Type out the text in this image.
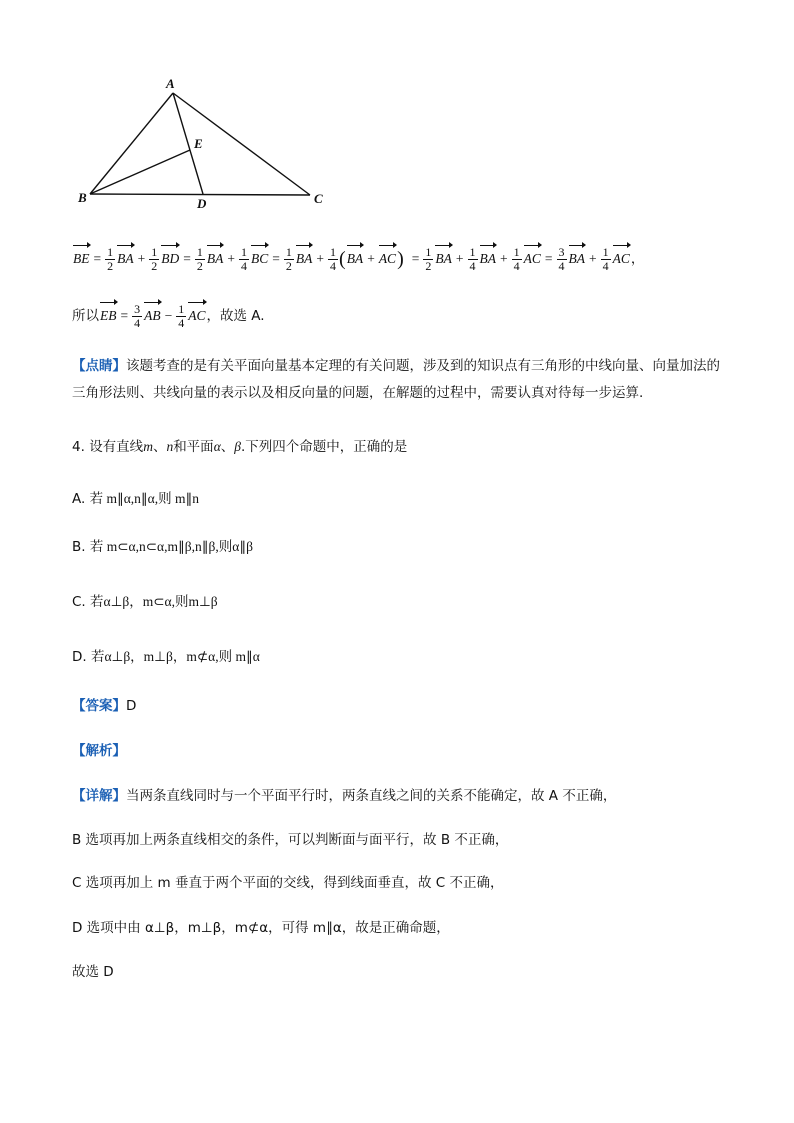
A
B	C
D
E
BE = $\frac{1}{2}$ BA + $\frac{1}{2}$ BD = $\frac{1}{2}$ BA + $\frac{1}{4}$ BC = $\frac{1}{2}$ BA + $\frac{1}{4} (BA + AC) = \frac{1}{2}$ BA + $\frac{1}{4}$ BA + $\frac{1}{4}$ AC = $\frac{3}{4}$ BA + $\frac{1}{4}$ AC，
所以EB = $\frac{3}{4}$ AB − $\frac{1}{4}$ AC，故选 A.
【点睛】该题考查的是有关平面向量基本定理的有关问题，涉及到的知识点有三角形的中线向量、向量加法的三角形法则、共线向量的表示以及相反向量的问题，在解题的过程中，需要认真对待每一步运算.
4. 设有直线m、n和平面α、β.下列四个命题中，正确的是
A. 若 m∥α,n∥α,则 m∥n
B. 若 m⊂α,n⊂α,m∥β,n∥β,则α∥β
C. 若α⊥β，m⊂α,则m⊥β
D. 若α⊥β，m⊥β，m⊄α,则 m∥α
【答案】D
【解析】
【详解】当两条直线同时与一个平面平行时，两条直线之间的关系不能确定，故 A 不正确，
B 选项再加上两条直线相交的条件，可以判断面与面平行，故 B 不正确，
C 选项再加上 m 垂直于两个平面的交线，得到线面垂直，故 C 不正确，
D 选项中由 α⊥β，m⊥β，m⊄α，可得 m∥α，故是正确命题，
故选 D
